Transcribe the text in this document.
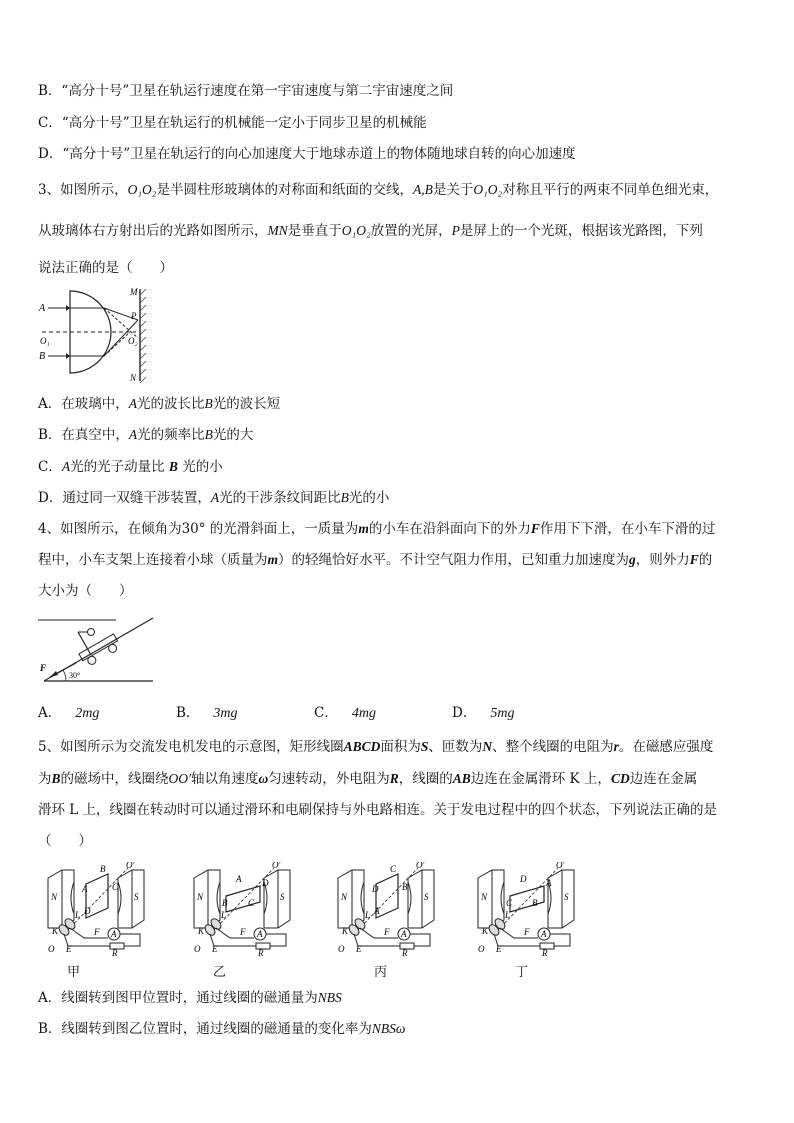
B．“高分十号”卫星在轨运行速度在第一宇宙速度与第二宇宙速度之间
C．“高分十号”卫星在轨运行的机械能一定小于同步卫星的机械能
D．“高分十号”卫星在轨运行的向心加速度大于地球赤道上的物体随地球自转的向心加速度
3、如图所示，O₁O₂是半圆柱形玻璃体的对称面和纸面的交线，A,B是关于O₁O₂对称且平行的两束不同单色细光束，
从玻璃体右方射出后的光路如图所示，MN是垂直于O₁O₂放置的光屏，P是屏上的一个光斑，根据该光路图，下列
说法正确的是（　　）
A
B
O₁	O₂
M
N
P
A．在玻璃中，A光的波长比B光的波长短
B．在真空中，A光的频率比B光的大
C．A光的光子动量比 B 光的小
D．通过同一双缝干涉装置，A光的干涉条纹间距比B光的小
4、如图所示，在倾角为30° 的光滑斜面上，一质量为m的小车在沿斜面向下的外力F作用下下滑，在小车下滑的过
程中，小车支架上连接着小球（质量为m）的轻绳恰好水平。不计空气阻力作用，已知重力加速度为g，则外力F的
大小为（　　）
F
30°
A． 2mg	B． 3mg	C． 4mg	D． 5mg
5、如图所示为交流发电机发电的示意图，矩形线圈ABCD面积为S、匝数为N、整个线圈的电阻为r。在磁感应强度
为B的磁场中，线圈绕OO′轴以角速度ω匀速转动，外电阻为R，线圈的AB边连在金属滑环 K 上，CD边连在金属
滑环 L 上，线圈在转动时可以通过滑环和电刷保持与外电路相连。关于发电过程中的四个状态，下列说法正确的是
（　　）
N	S
K
L
O
O′
E
F
R
A
A
B
C
D
N	S
K
L
O
O′
E
F
R
A
B
A D
C
N	S
K
L
O
O′
E
F
R
A
D
C
B
A
N	S
K
L
O
O′
E
F
R
A
C
D A
B
甲	乙	丙	丁
A．线圈转到图甲位置时，通过线圈的磁通量为NBS
B．线圈转到图乙位置时，通过线圈的磁通量的变化率为NBSω
